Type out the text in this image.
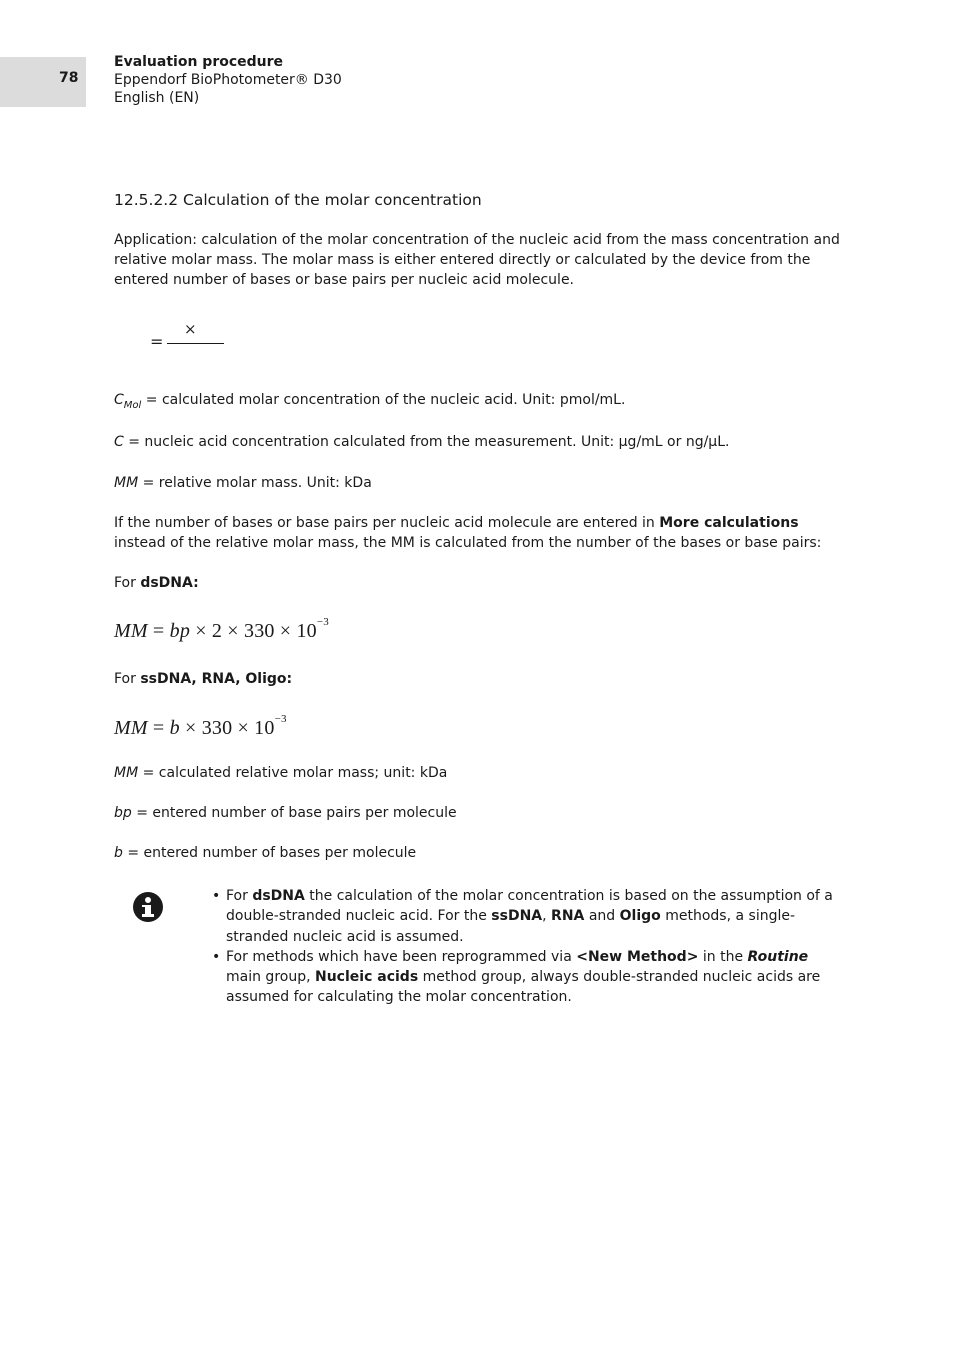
78
Evaluation procedure
Eppendorf BioPhotometer® D30
English (EN)
12.5.2.2 Calculation of the molar concentration
Application: calculation of the molar concentration of the nucleic acid from the mass concentration and relative molar mass. The molar mass is either entered directly or calculated by the device from the entered number of bases or base pairs per nucleic acid molecule.
=
×
$C_{Mol}$ = calculated molar concentration of the nucleic acid. Unit: pmol/mL.
C = nucleic acid concentration calculated from the measurement. Unit: µg/mL or ng/µL.
MM = relative molar mass. Unit: kDa
If the number of bases or base pairs per nucleic acid molecule are entered in More calculations instead of the relative molar mass, the MM is calculated from the number of the bases or base pairs:
For dsDNA:
MM = bp × $2 \times 330 \times 10^{-3}$
For ssDNA, RNA, Oligo:
MM = $b \times 330 \times 10^{-3}$
MM = calculated relative molar mass; unit: kDa
bp = entered number of base pairs per molecule
b = entered number of bases per molecule
• For dsDNA the calculation of the molar concentration is based on the assumption of a double-stranded nucleic acid. For the ssDNA, RNA and Oligo methods, a single-stranded nucleic acid is assumed.
• For methods which have been reprogrammed via <New Method> in the Routine main group, Nucleic acids method group, always double-stranded nucleic acids are assumed for calculating the molar concentration.
